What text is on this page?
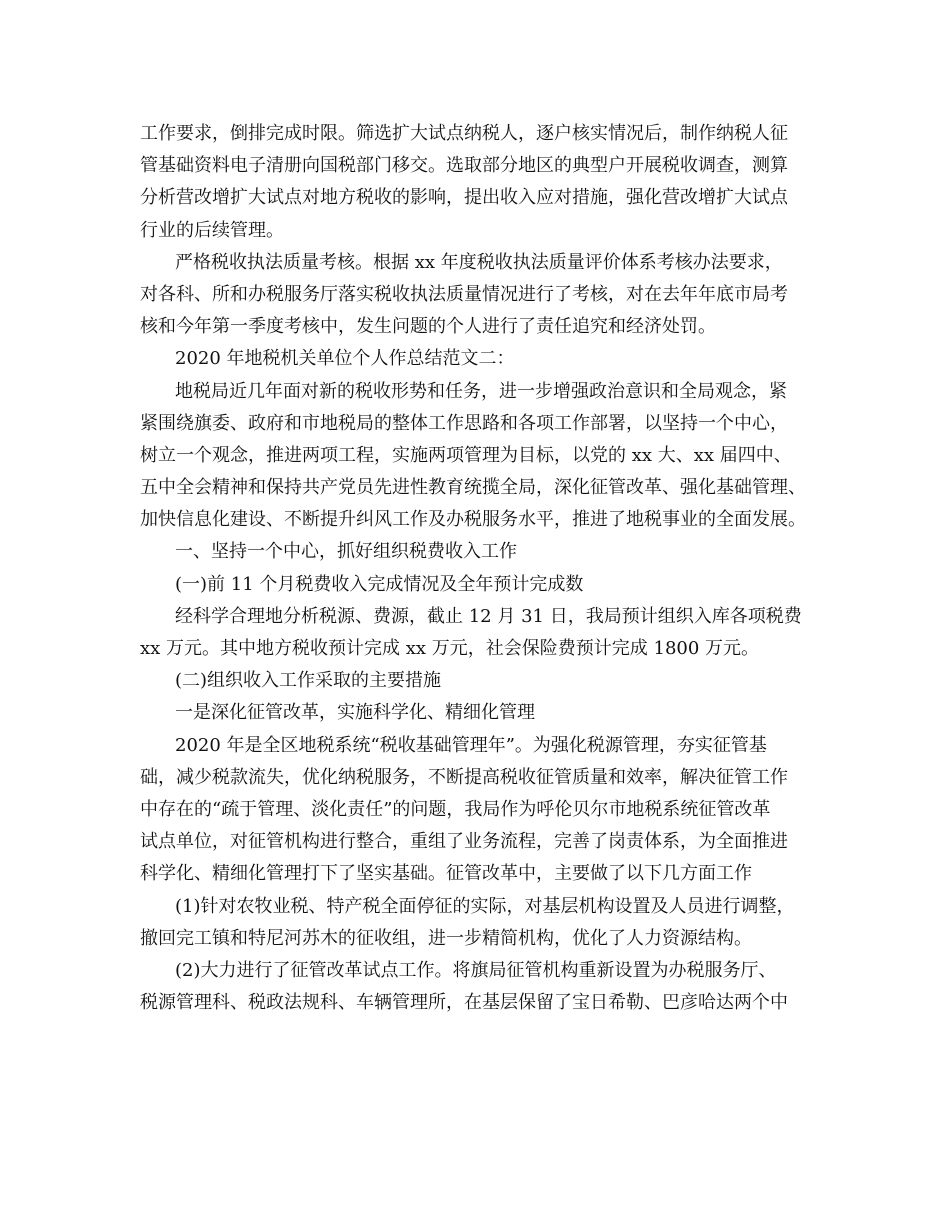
工作要求，倒排完成时限。筛选扩大试点纳税人，逐户核实情况后，制作纳税人征
管基础资料电子清册向国税部门移交。选取部分地区的典型户开展税收调查，测算
分析营改增扩大试点对地方税收的影响，提出收入应对措施，强化营改增扩大试点
行业的后续管理。
严格税收执法质量考核。根据 xx 年度税收执法质量评价体系考核办法要求，
对各科、所和办税服务厅落实税收执法质量情况进行了考核，对在去年年底市局考
核和今年第一季度考核中，发生问题的个人进行了责任追究和经济处罚。
2020 年地税机关单位个人作总结范文二：
地税局近几年面对新的税收形势和任务，进一步增强政治意识和全局观念，紧
紧围绕旗委、政府和市地税局的整体工作思路和各项工作部署，以坚持一个中心，
树立一个观念，推进两项工程，实施两项管理为目标，以党的 xx 大、xx 届四中、
五中全会精神和保持共产党员先进性教育统揽全局，深化征管改革、强化基础管理、
加快信息化建设、不断提升纠风工作及办税服务水平，推进了地税事业的全面发展。
一、坚持一个中心，抓好组织税费收入工作
(一)前 11 个月税费收入完成情况及全年预计完成数
经科学合理地分析税源、费源，截止 12 月 31 日，我局预计组织入库各项税费
xx 万元。其中地方税收预计完成 xx 万元，社会保险费预计完成 1800 万元。
(二)组织收入工作采取的主要措施
一是深化征管改革，实施科学化、精细化管理
2020 年是全区地税系统“税收基础管理年”。为强化税源管理，夯实征管基
础，减少税款流失，优化纳税服务，不断提高税收征管质量和效率，解决征管工作
中存在的“疏于管理、淡化责任”的问题，我局作为呼伦贝尔市地税系统征管改革
试点单位，对征管机构进行整合，重组了业务流程，完善了岗责体系，为全面推进
科学化、精细化管理打下了坚实基础。征管改革中，主要做了以下几方面工作
(1)针对农牧业税、特产税全面停征的实际，对基层机构设置及人员进行调整，
撤回完工镇和特尼河苏木的征收组，进一步精简机构，优化了人力资源结构。
(2)大力进行了征管改革试点工作。将旗局征管机构重新设置为办税服务厅、
税源管理科、税政法规科、车辆管理所，在基层保留了宝日希勒、巴彦哈达两个中
